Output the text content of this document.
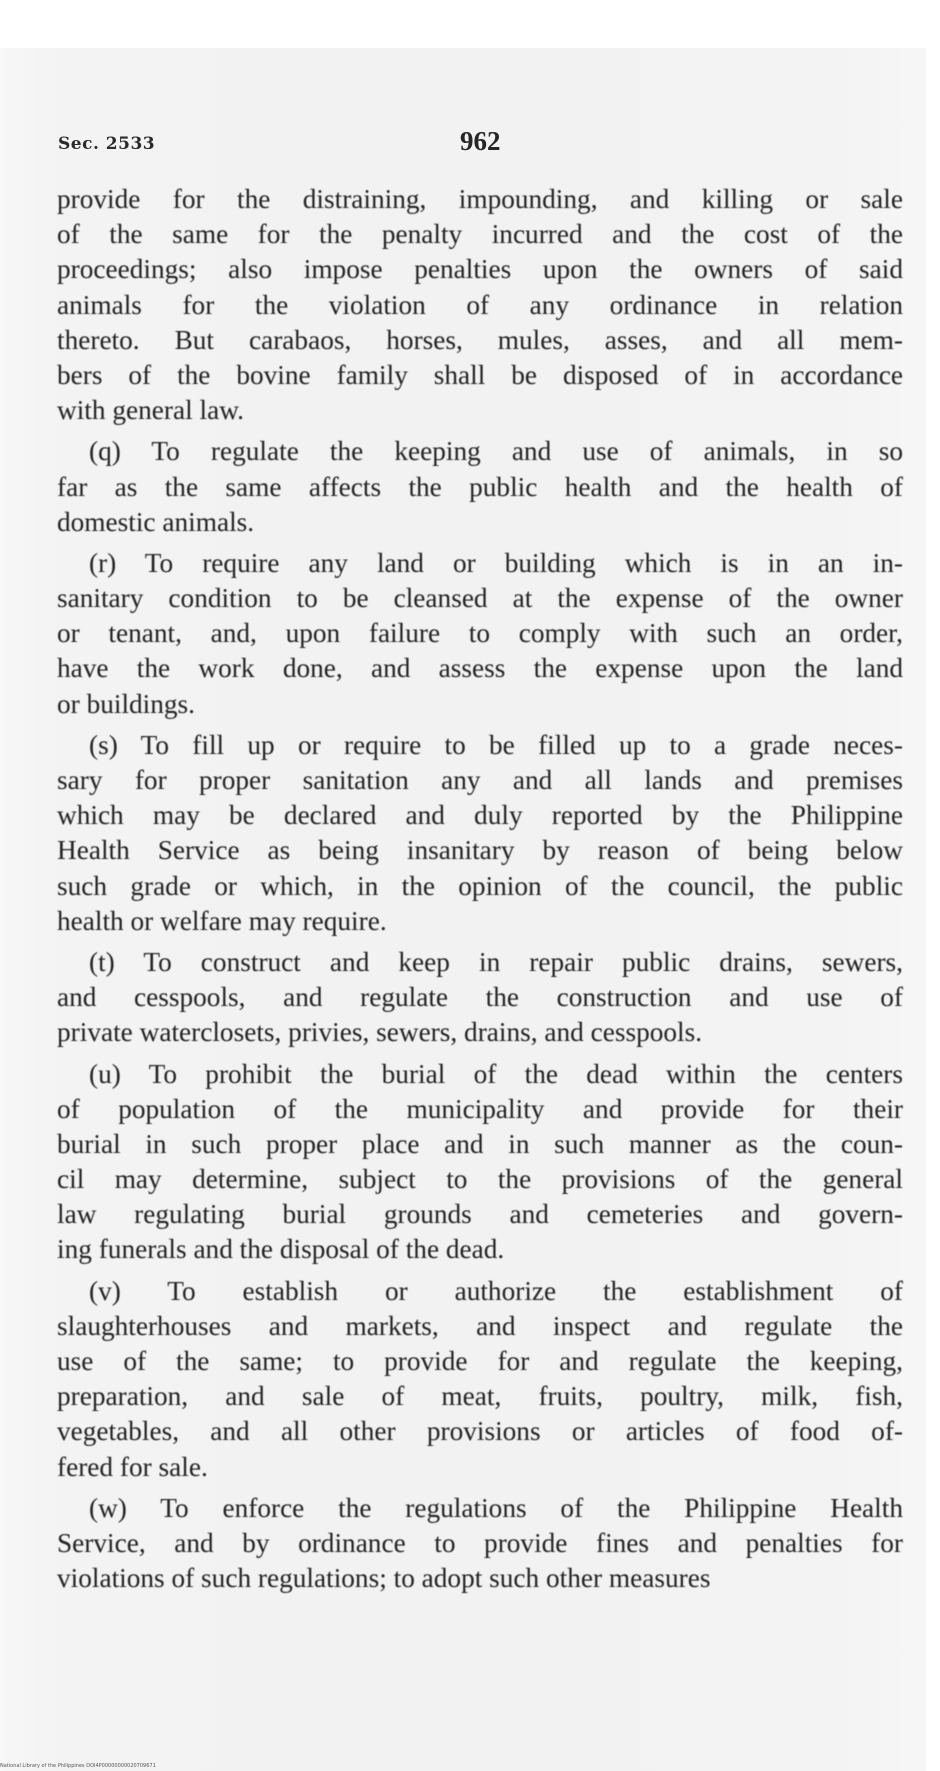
Sec. 2533	962
provide for the distraining, impounding, and killing or sale
of the same for the penalty incurred and the cost of the
proceedings; also impose penalties upon the owners of said
animals for the violation of any ordinance in relation
thereto. But carabaos, horses, mules, asses, and all mem-
bers of the bovine family shall be disposed of in accordance
with general law.
(q) To regulate the keeping and use of animals, in so
far as the same affects the public health and the health of
domestic animals.
(r) To require any land or building which is in an in-
sanitary condition to be cleansed at the expense of the owner
or tenant, and, upon failure to comply with such an order,
have the work done, and assess the expense upon the land
or buildings.
(s) To fill up or require to be filled up to a grade neces-
sary for proper sanitation any and all lands and premises
which may be declared and duly reported by the Philippine
Health Service as being insanitary by reason of being below
such grade or which, in the opinion of the council, the public
health or welfare may require.
(t) To construct and keep in repair public drains, sewers,
and cesspools, and regulate the construction and use of
private waterclosets, privies, sewers, drains, and cesspools.
(u) To prohibit the burial of the dead within the centers
of population of the municipality and provide for their
burial in such proper place and in such manner as the coun-
cil may determine, subject to the provisions of the general
law regulating burial grounds and cemeteries and govern-
ing funerals and the disposal of the dead.
(v) To establish or authorize the establishment of
slaughterhouses and markets, and inspect and regulate the
use of the same; to provide for and regulate the keeping,
preparation, and sale of meat, fruits, poultry, milk, fish,
vegetables, and all other provisions or articles of food of-
fered for sale.
(w) To enforce the regulations of the Philippine Health
Service, and by ordinance to provide fines and penalties for
violations of such regulations; to adopt such other measures
National Library of the Philippines DOI4P00000000020709671
